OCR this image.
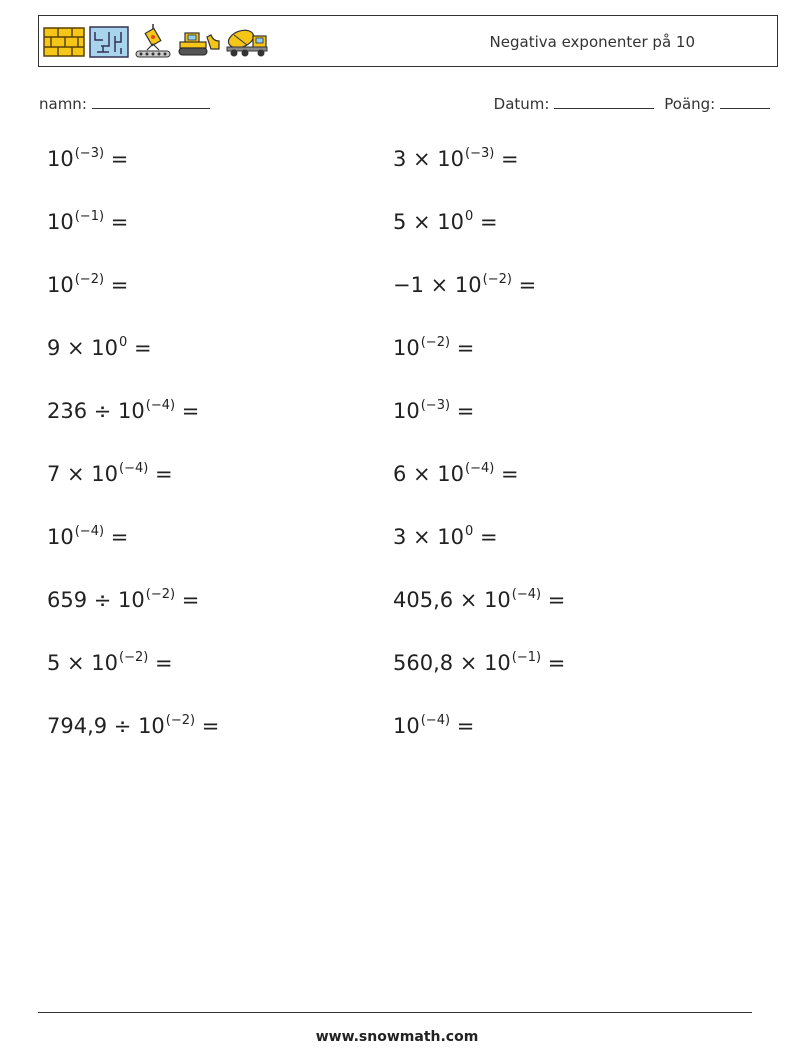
Negativa exponenter på 10
namn:	Datum:	Poäng:
$10^{(-3)}$ =	$3 \times 10^{(-3)}$ =
$10^{(-1)}$ =	$5 \times 10^0$ =
$10^{(-2)}$ =	$-1 \times 10^{(-2)}$ =
$9 \times 10^0$ =	$10^{(-2)}$ =
$236 \div 10^{(-4)}$ =	$10^{(-3)}$ =
$7 \times 10^{(-4)}$ =	$6 \times 10^{(-4)}$ =
$10^{(-4)}$ =	$3 \times 10^0$ =
$659 \div 10^{(-2)}$ =	$405,6 \times 10^{(-4)}$ =
$5 \times 10^{(-2)}$ =	$560,8 \times 10^{(-1)}$ =
$794,9 \div 10^{(-2)}$ =	$10^{(-4)}$ =
www.snowmath.com
